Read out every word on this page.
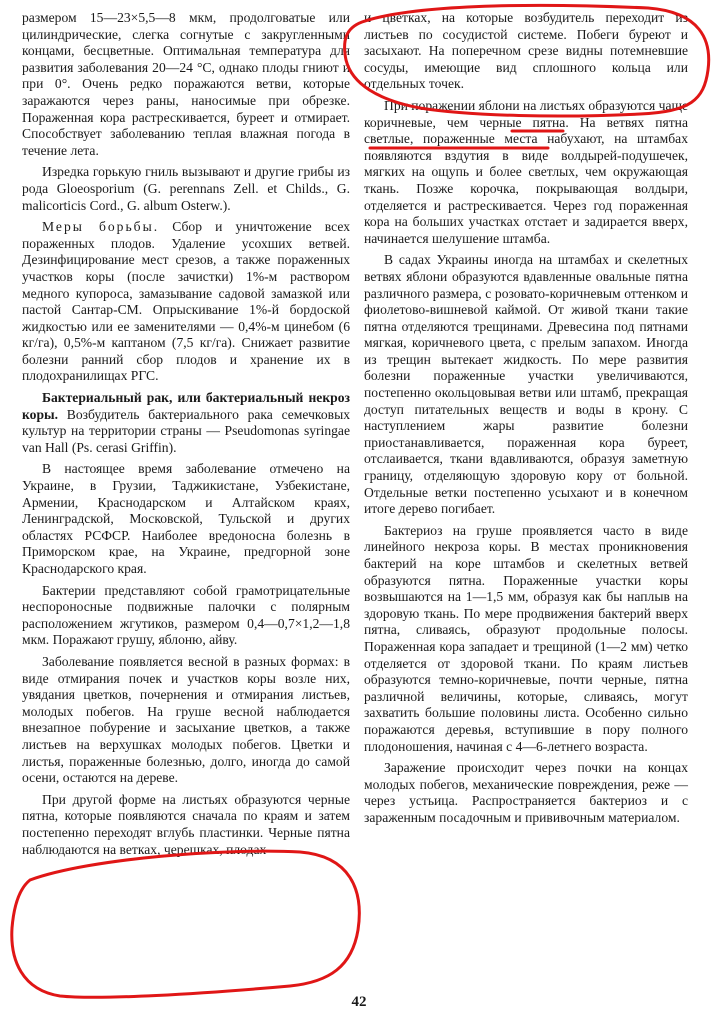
размером 15—23×5,5—8 мкм, продолговатые или цилиндрические, слегка согнутые с закругленными концами, бесцветные. Оптимальная температура для развития заболевания 20—24 °С, однако плоды гниют и при 0°. Очень редко поражаются ветви, которые заражаются через раны, наносимые при обрезке. Пораженная кора растрескивается, буреет и отмирает. Способствует заболеванию теплая влажная погода в течение лета.

Изредка горькую гниль вызывают и другие грибы из рода Gloeosporium (G. perennans Zell. et Childs., G. malicorticis Cord., G. album Osterw.).

Меры борьбы. Сбор и уничтожение всех пораженных плодов. Удаление усохших ветвей. Дезинфицирование мест срезов, а также пораженных участков коры (после зачистки) 1%-м раствором медного купороса, замазывание садовой замазкой или пастой Сантар-СМ. Опрыскивание 1%-й бордоской жидкостью или ее заменителями — 0,4%-м цинебом (6 кг/га), 0,5%-м каптаном (7,5 кг/га). Снижает развитие болезни ранний сбор плодов и хранение их в плодохранилищах РГС.

Бактериальный рак, или бактериальный некроз коры. Возбудитель бактериального рака семечковых культур на территории страны — Pseudomonas syringae van Hall (Ps. cerasi Griffin).

В настоящее время заболевание отмечено на Украине, в Грузии, Таджикистане, Узбекистане, Армении, Краснодарском и Алтайском краях, Ленинградской, Московской, Тульской и других областях РСФСР. Наиболее вредоносна болезнь в Приморском крае, на Украине, предгорной зоне Краснодарского края.

Бактерии представляют собой грамотрицательные неспороносные подвижные палочки с полярным расположением жгутиков, размером 0,4—0,7×1,2—1,8 мкм. Поражают грушу, яблоню, айву.

Заболевание появляется весной в разных формах: в виде отмирания почек и участков коры возле них, увядания цветков, почернения и отмирания листьев, молодых побегов. На груше весной наблюдается внезапное побурение и засыхание цветков, а также листьев на верхушках молодых побегов. Цветки и листья, пораженные болезнью, долго, иногда до самой осени, остаются на дереве.

При другой форме на листьях образуются черные пятна, которые появляются сначала по краям и затем постепенно переходят вглубь пластинки. Черные пятна наблюдаются на ветках, черешках, плодах

и цветках, на которые возбудитель переходит из листьев по сосудистой системе. Побеги буреют и засыхают. На поперечном срезе видны потемневшие сосуды, имеющие вид сплошного кольца или отдельных точек.

При поражении яблони на листьях образуются чаще коричневые, чем черные пятна. На ветвях пятна светлые, пораженные места набухают, на штамбах появляются вздутия в виде волдырей-подушечек, мягких на ощупь и более светлых, чем окружающая ткань. Позже корочка, покрывающая волдыри, отделяется и растрескивается. Через год пораженная кора на больших участках отстает и задирается вверх, начинается шелушение штамба.

В садах Украины иногда на штамбах и скелетных ветвях яблони образуются вдавленные овальные пятна различного размера, с розовато-коричневым оттенком и фиолетово-вишневой каймой. От живой ткани такие пятна отделяются трещинами. Древесина под пятнами мягкая, коричневого цвета, с прелым запахом. Иногда из трещин вытекает жидкость. По мере развития болезни пораженные участки увеличиваются, постепенно окольцовывая ветви или штамб, прекращая доступ питательных веществ и воды в крону. С наступлением жары развитие болезни приостанавливается, пораженная кора буреет, отслаивается, ткани вдавливаются, образуя заметную границу, отделяющую здоровую кору от больной. Отдельные ветки постепенно усыхают и в конечном итоге дерево погибает.

Бактериоз на груше проявляется часто в виде линейного некроза коры. В местах проникновения бактерий на коре штамбов и скелетных ветвей образуются пятна. Пораженные участки коры возвышаются на 1—1,5 мм, образуя как бы наплыв на здоровую ткань. По мере продвижения бактерий вверх пятна, сливаясь, образуют продольные полосы. Пораженная кора западает и трещиной (1—2 мм) четко отделяется от здоровой ткани. По краям листьев образуются темно-коричневые, почти черные, пятна различной величины, которые, сливаясь, могут захватить большие половины листа. Особенно сильно поражаются деревья, вступившие в пору полного плодоношения, начиная с 4—6-летнего возраста.

Заражение происходит через почки на концах молодых побегов, механические повреждения, реже — через устьица. Распространяется бактериоз и с зараженным посадочным и прививочным материалом.

42
